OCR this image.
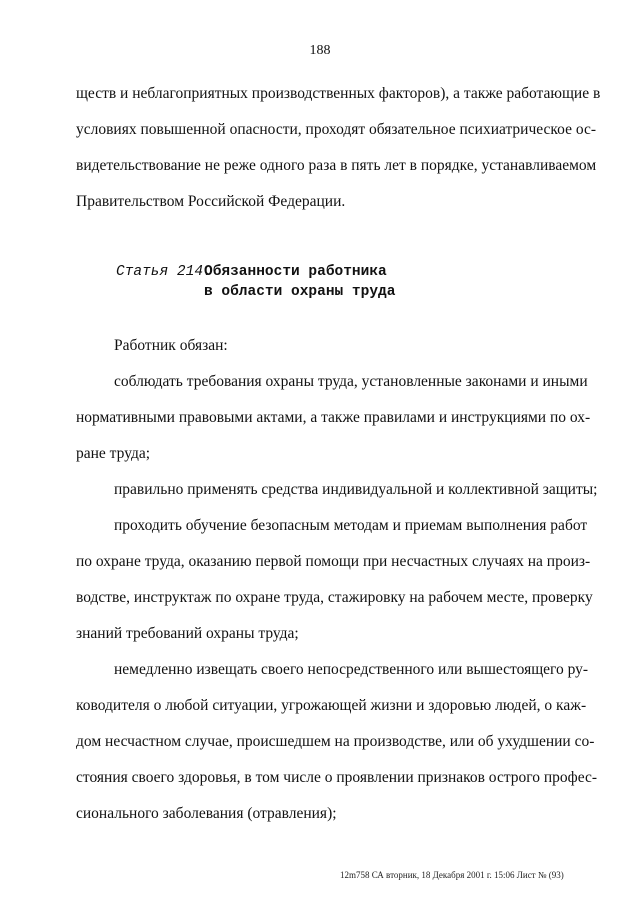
188
ществ и неблагоприятных производственных факторов), а также работающие в
условиях повышенной опасности, проходят обязательное психиатрическое ос-
видетельствование не реже одного раза в пять лет в порядке, устанавливаемом
Правительством Российской Федерации.
Статья 214.
Обязанности работника
в области охраны труда
Работник обязан:
соблюдать требования охраны труда, установленные законами и иными
нормативными правовыми актами, а также правилами и инструкциями по ох-
ране труда;
правильно применять средства индивидуальной и коллективной защиты;
проходить обучение безопасным методам и приемам выполнения работ
по охране труда, оказанию первой помощи при несчастных случаях на произ-
водстве, инструктаж по охране труда, стажировку на рабочем месте, проверку
знаний требований охраны труда;
немедленно извещать своего непосредственного или вышестоящего ру-
ководителя о любой ситуации, угрожающей жизни и здоровью людей, о каж-
дом несчастном случае, происшедшем на производстве, или об ухудшении со-
стояния своего здоровья, в том числе о проявлении признаков острого профес-
сионального заболевания (отравления);
12m758 СА вторник, 18 Декабря 2001 г. 15:06 Лист № (93)
